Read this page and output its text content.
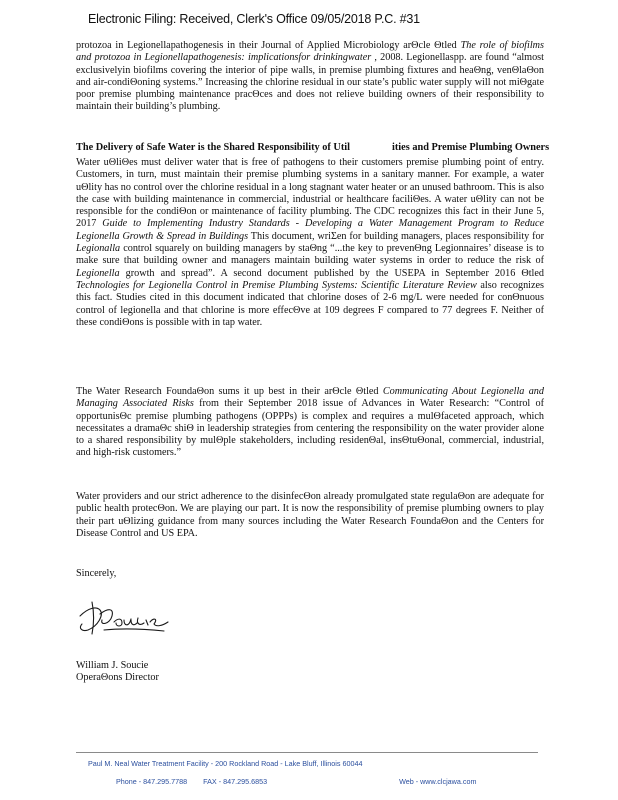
Electronic Filing: Received, Clerk's Office 09/05/2018 P.C. #31

protozoa in Legionellapathogenesis in their Journal of Applied Microbiology arΘcle Θtled The role of biofilms and protozoa in Legionellapathogenesis: implicationsfor drinkingwater , 2008. Legionellaspp. are found “almost exclusivelyin biofilms covering the interior of pipe walls, in premise plumbing fixtures and heaΘng, venΘlaΘon and air-condiΘoning systems.” Increasing the chlorine residual in our state’s public water supply will not miΘgate poor premise plumbing maintenance pracΘces and does not relieve building owners of their responsibility to maintain their building’s plumbing.

The Delivery of Safe Water is the Shared Responsibility of Util	ities and Premise Plumbing Owners

Water uΘliΘes must deliver water that is free of pathogens to their customers premise plumbing point of entry. Customers, in turn, must maintain their premise plumbing systems in a sanitary manner. For example, a water uΘlity has no control over the chlorine residual in a long stagnant water heater or an unused bathroom. This is also the case with building maintenance in commercial, industrial or healthcare faciliΘes. A water uΘlity can not be responsible for the condiΘon or maintenance of facility plumbing. The CDC recognizes this fact in their June 5, 2017 Guide to Implementing Industry Standards - Developing a Water Management Program to Reduce Legionella Growth & Spread in Buildings This document, wriΣen for building managers, places responsibility for Legionalla control squarely on building managers by staΘng “...the key to prevenΘng Legionnaires’ disease is to make sure that building owner and managers maintain building water systems in order to reduce the risk of Legionella growth and spread”. A second document published by the USEPA in September 2016 Θtled Technologies for Legionella Control in Premise Plumbing Systems: Scientific Literature Review also recognizes this fact. Studies cited in this document indicated that chlorine doses of 2-6 mg/L were needed for conΘnuous control of legionella and that chlorine is more effecΘve at 109 degrees F compared to 77 degrees F. Neither of these condiΘons is possible with in tap water.

The Water Research FoundaΘon sums it up best in their arΘcle Θtled Communicating About Legionella and Managing Associated Risks from their September 2018 issue of Advances in Water Research: “Control of opportunisΘc premise plumbing pathogens (OPPPs) is complex and requires a mulΘfaceted approach, which necessitates a dramaΘc shiΘ in leadership strategies from centering the responsibility on the water provider alone to a shared responsibility by mulΘple stakeholders, including residenΘal, insΘtuΘonal, commercial, industrial, and high-risk customers.”

Water providers and our strict adherence to the disinfecΘon already promulgated state regulaΘon are adequate for public health protecΘon. We are playing our part. It is now the responsibility of premise plumbing owners to play their part uΘlizing guidance from many sources including the Water Research FoundaΘon and the Centers for Disease Control and US EPA.

Sincerely,
William J. Soucie
OperaΘons Director
Paul M. Neal Water Treatment Facility - 200 Rockland Road - Lake Bluff, Illinois 60044
Phone - 847.295.7788 FAX - 847.295.6853	Web - www.clcjawa.com
